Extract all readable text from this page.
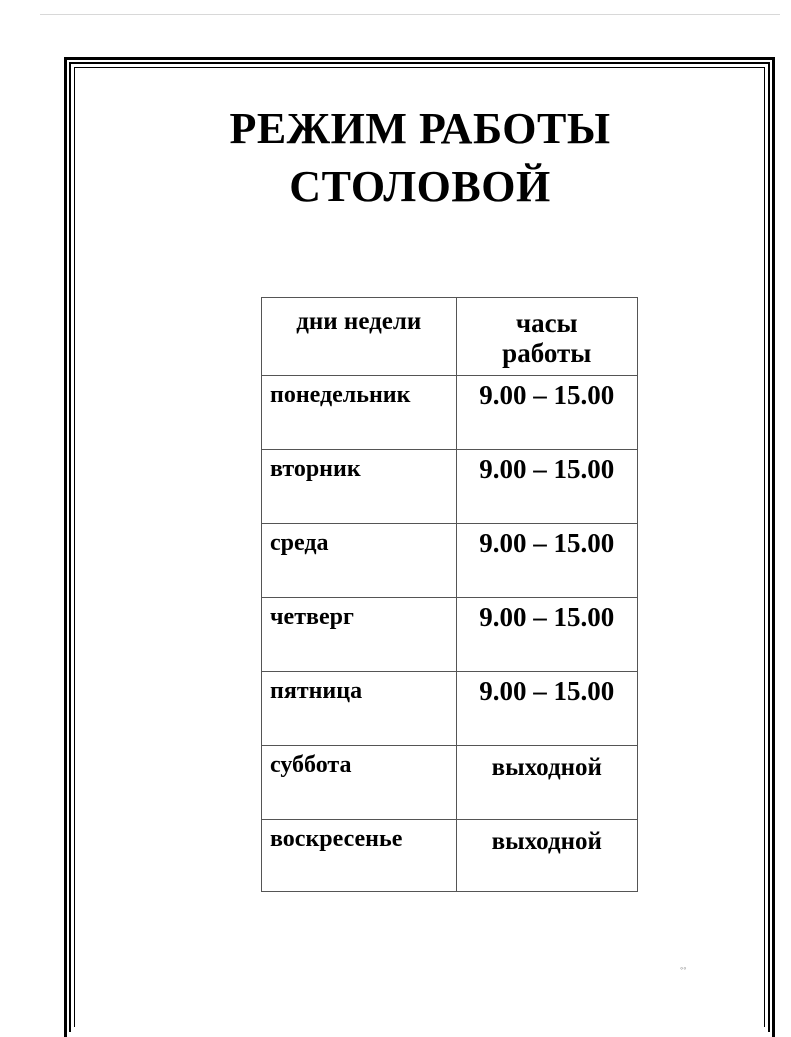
РЕЖИМ РАБОТЫ
СТОЛОВОЙ
дни недели	часы
работы

понедельник	9.00 – 15.00
вторник	9.00 – 15.00
среда	9.00 – 15.00
четверг	9.00 – 15.00
пятница	9.00 – 15.00
суббота	выходной
воскресенье	выходной
◦◦
